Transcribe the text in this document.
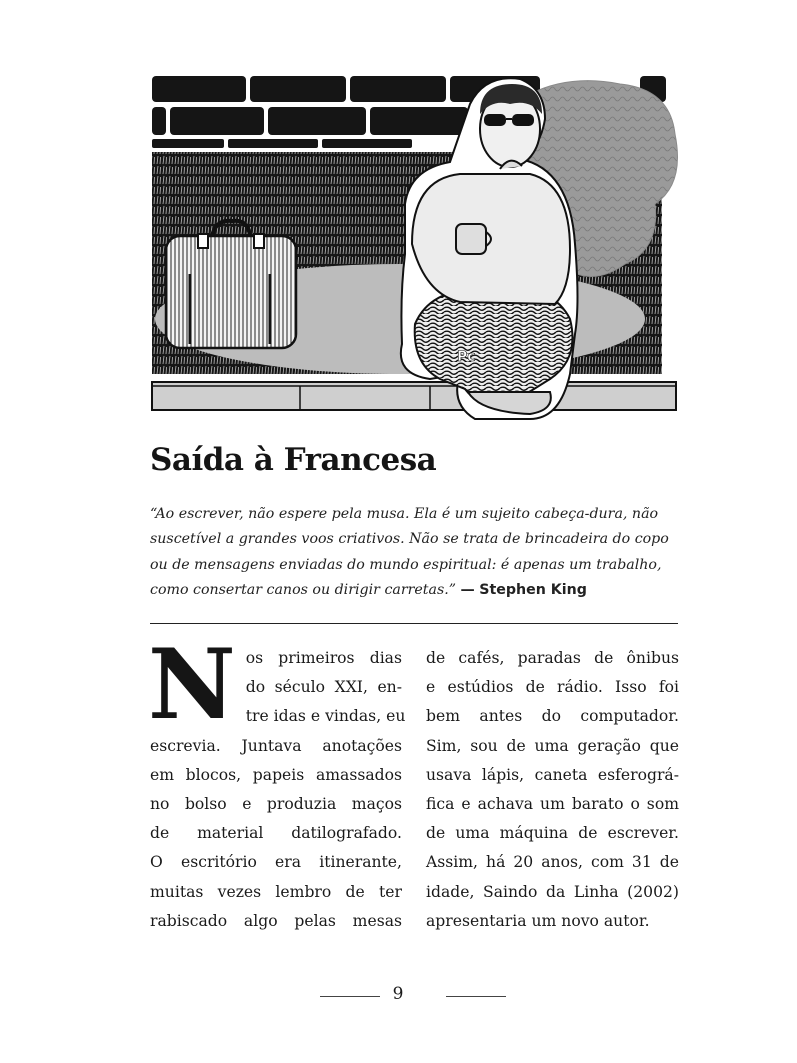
Pc
Saída à Francesa

“Ao escrever, não espere pela musa. Ela é um sujeito cabeça-dura, não suscetível a grandes voos criativos. Não se trata de brincadeira do copo ou de mensagens enviadas do mundo espiritual: é apenas um trabalho, como consertar canos ou dirigir carretas.” — Stephen King

N os primeiros dias
do século XXI, en-
tre idas e vindas, eu
escrevia. Juntava anotações
em blocos, papeis amassados
no bolso e produzia maços
de material datilografado.
O escritório era itinerante,
muitas vezes lembro de ter
rabiscado algo pelas mesas
de cafés, paradas de ônibus
e estúdios de rádio. Isso foi
bem antes do computador.
Sim, sou de uma geração que
usava lápis, caneta esferográ-
fica e achava um barato o som
de uma máquina de escrever.
Assim, há 20 anos, com 31 de
idade, Saindo da Linha (2002)
apresentaria um novo autor.
9
